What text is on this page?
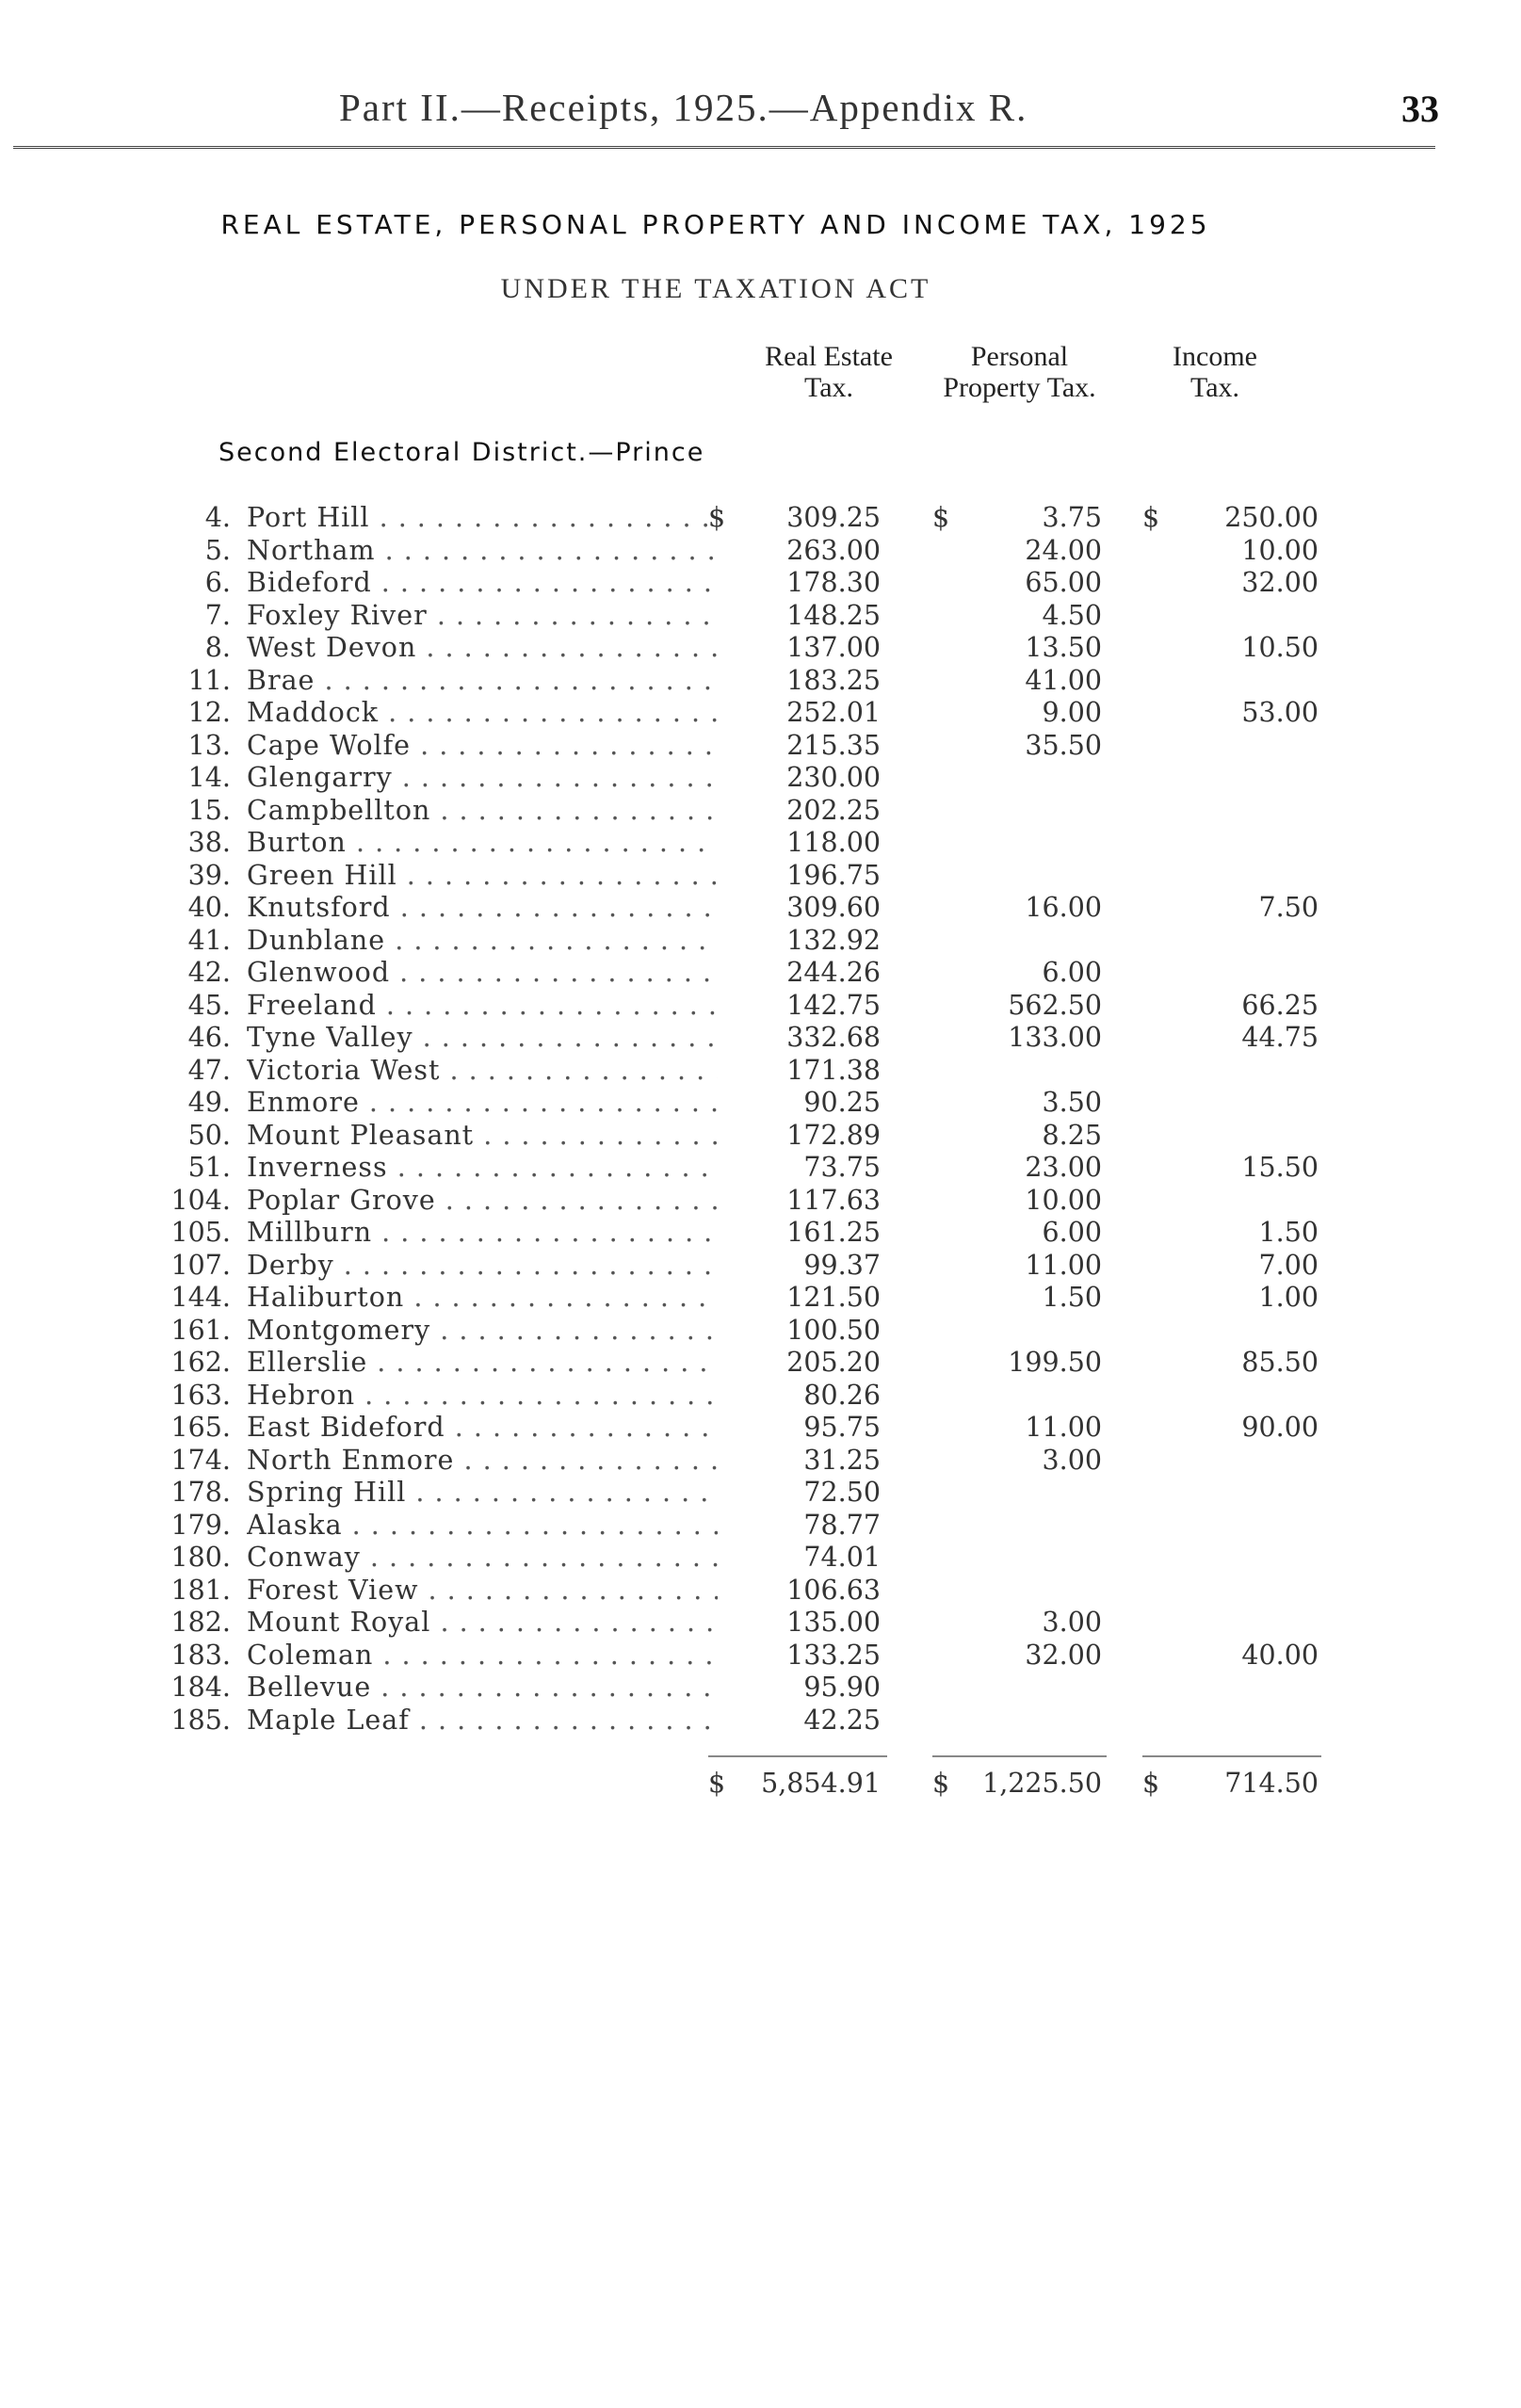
Part II.—Receipts, 1925.—Appendix R.	33
REAL ESTATE, PERSONAL PROPERTY AND INCOME TAX, 1925
UNDER THE TAXATION ACT
Real Estate
Tax.
Personal
Property Tax.
Income
Tax.
Second Electoral District.—Prince
4. Port Hill . . .	$	309.25 $	3.75 $	250.00
5. Northam . . .	263.00	24.00	10.00
6. Bideford . . .	178.30	65.00	32.00
7. Foxley River . . .	148.25	4.50
8. West Devon . . .	137.00	13.50	10.50
11. Brae . . .	183.25	41.00
12. Maddock . . .	252.01	9.00	53.00
13. Cape Wolfe . . .	215.35	35.50
14. Glengarry . . .	230.00
15. Campbellton . . .	202.25
38. Burton . . .	118.00
39. Green Hill . . .	196.75
40. Knutsford . . .	309.60	16.00	7.50
41. Dunblane . . .	132.92
42. Glenwood . . .	244.26	6.00
45. Freeland . . .	142.75	562.50	66.25
46. Tyne Valley . . .	332.68	133.00	44.75
47. Victoria West . . .	171.38
49. Enmore . . .	90.25	3.50
50. Mount Pleasant . . .	172.89	8.25
51. Inverness . . .	73.75	23.00	15.50
104. Poplar Grove . . .	117.63	10.00
105. Millburn . . .	161.25	6.00	1.50
107. Derby . . .	99.37	11.00	7.00
144. Haliburton . . .	121.50	1.50	1.00
161. Montgomery . . .	100.50
162. Ellerslie . . .	205.20	199.50	85.50
163. Hebron . . .	80.26
165. East Bideford . . .	95.75	11.00	90.00
174. North Enmore . . .	31.25	3.00
178. Spring Hill . . .	72.50
179. Alaska . . .	78.77
180. Conway . . .	74.01
181. Forest View . . .	106.63
182. Mount Royal . . .	135.00	3.00
183. Coleman . . .	133.25	32.00	40.00
184. Bellevue . . .	95.90
185. Maple Leaf . . .	42.25
$ 5,854.91 $ 1,225.50 $	714.50
